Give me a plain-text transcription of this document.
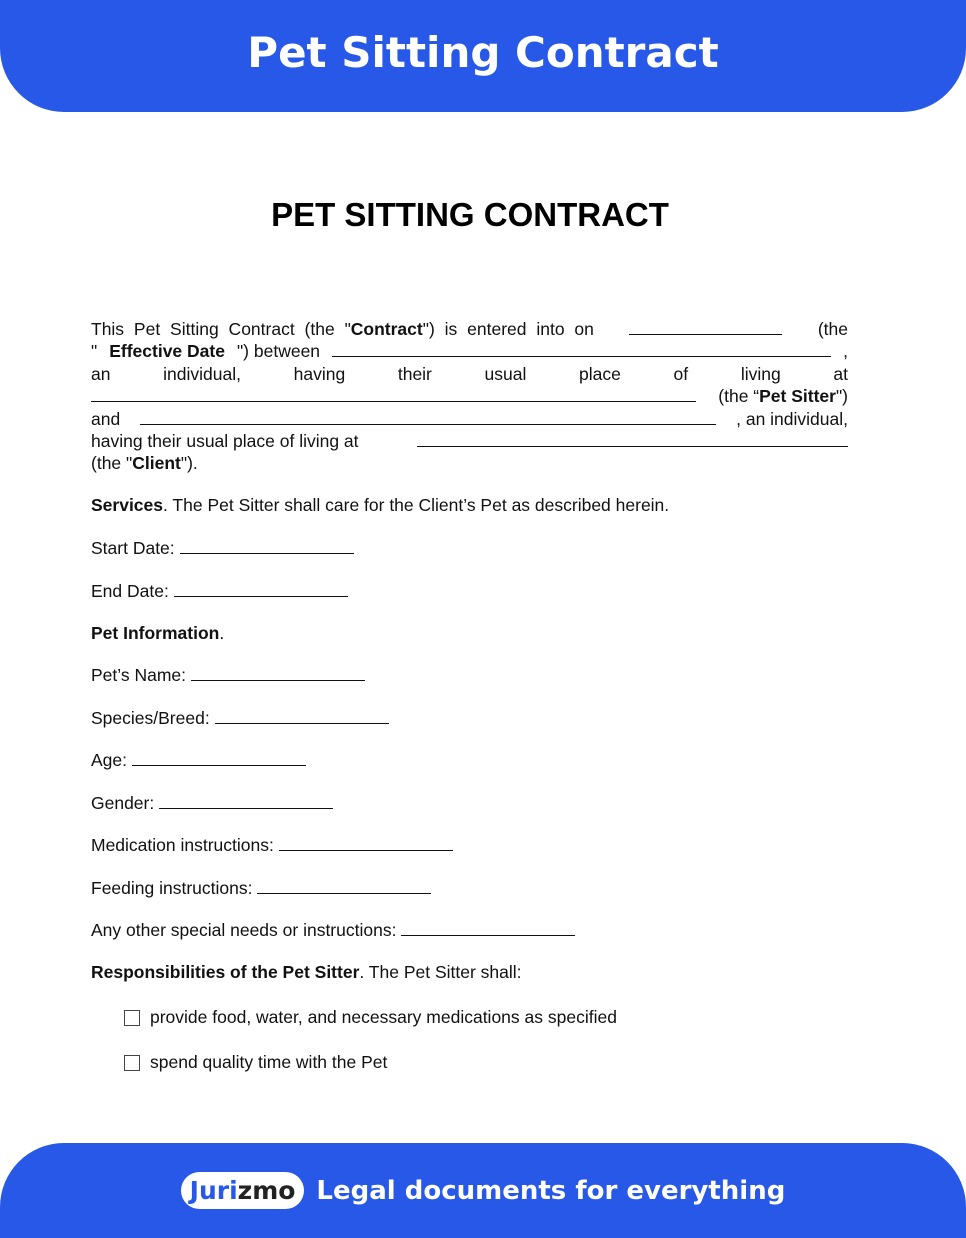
Pet Sitting Contract
PET SITTING CONTRACT
This Pet Sitting Contract (the "Contract") is entered into on	(the
" Effective Date ") between	,
an	individual,	having	their	usual	place	of	living	at
(the “Pet Sitter")
and	, an individual,
having their usual place of living at
(the " Client ").
Services. The Pet Sitter shall care for the Client’s Pet as described herein.
Start Date:
End Date:
Pet’s Name:
Species/Breed:
Age:
Gender:
Medication instructions:
Feeding instructions:
Any other special needs or instructions:
Pet Information.
Responsibilities of the Pet Sitter. The Pet Sitter shall:
provide food, water, and necessary medications as specified
spend quality time with the Pet
Jurizmo Legal documents for everything
